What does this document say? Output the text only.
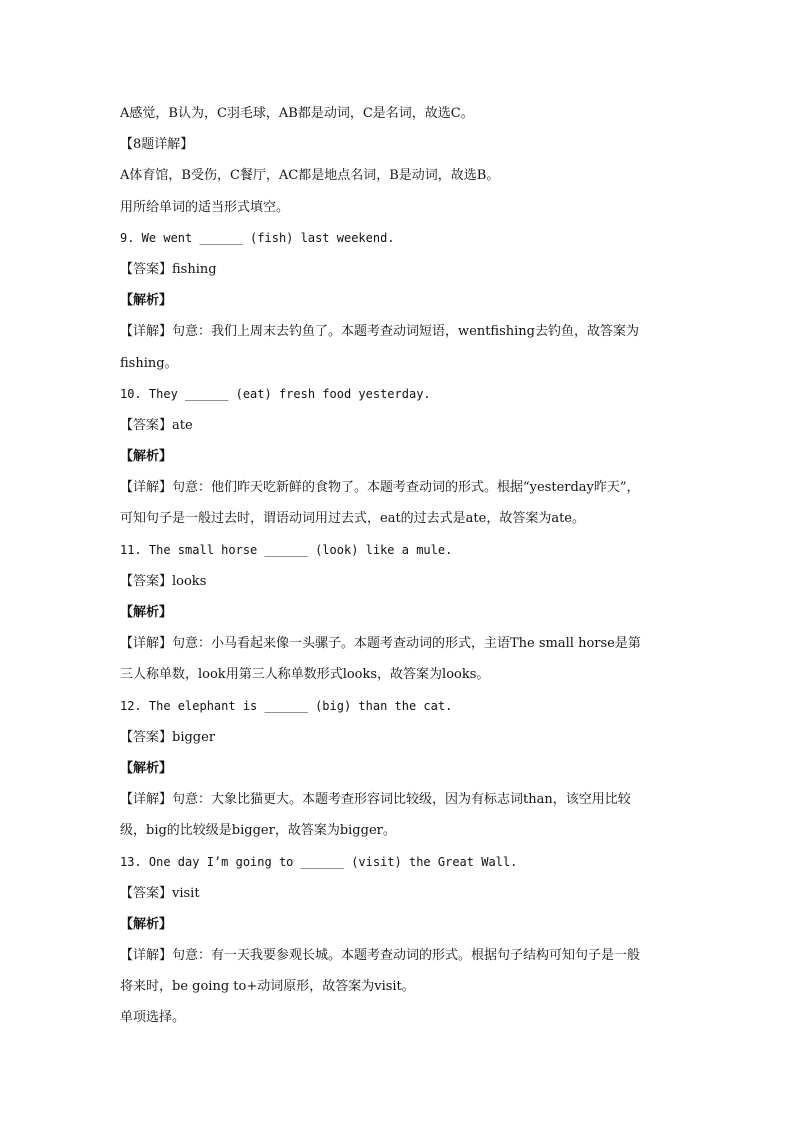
A感觉，B认为，C羽毛球，AB都是动词，C是名词，故选C。
【8题详解】
A体育馆，B受伤，C餐厅，AC都是地点名词，B是动词，故选B。
用所给单词的适当形式填空。
9. We went ______ (fish) last weekend.
【答案】fishing
【解析】
【详解】句意：我们上周末去钓鱼了。本题考查动词短语，wentfishing去钓鱼，故答案为
fishing。
10. They ______ (eat) fresh food yesterday.
【答案】ate
【解析】
【详解】句意：他们昨天吃新鲜的食物了。本题考查动词的形式。根据“yesterday昨天”，
可知句子是一般过去时，谓语动词用过去式，eat的过去式是ate，故答案为ate。
11. The small horse ______ (look) like a mule.
【答案】looks
【解析】
【详解】句意：小马看起来像一头骡子。本题考查动词的形式，主语The small horse是第
三人称单数，look用第三人称单数形式looks，故答案为looks。
12. The elephant is ______ (big) than the cat.
【答案】bigger
【解析】
【详解】句意：大象比猫更大。本题考查形容词比较级，因为有标志词than，该空用比较
级，big的比较级是bigger，故答案为bigger。
13. One day I’m going to ______ (visit) the Great Wall.
【答案】visit
【解析】
【详解】句意：有一天我要参观长城。本题考查动词的形式。根据句子结构可知句子是一般
将来时，be going to+动词原形，故答案为visit。
单项选择。
